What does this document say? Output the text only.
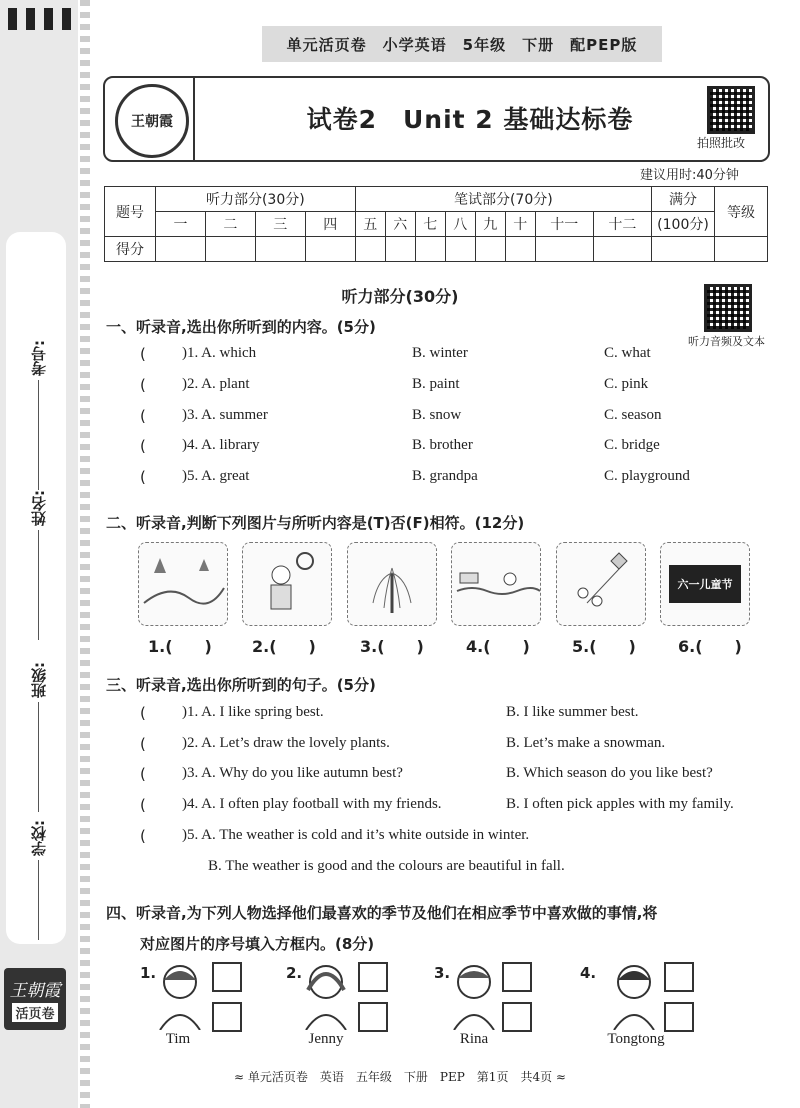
考号:
姓名:
班级:
学校:
王朝霞
活页卷
单元活页卷　小学英语　5年级　下册　配PEP版
王朝霞	试卷2　Unit 2 基础达标卷
拍照批改
建议用时:40分钟
题号	听力部分(30分)				笔试部分(70分)								满分	等级
	一	二	三	四	五	六	七	八	九	十	十一	十二	(100分)	
得分														
听力部分(30分)
听力音频及文本
一、听录音,选出你所听到的内容。(5分)
( )1. A. which	B. winter	C. what
( )2. A. plant	B. paint	C. pink
( )3. A. summer	B. snow	C. season
( )4. A. library	B. brother	C. bridge
( )5. A. great	B. grandpa	C. playground
二、听录音,判断下列图片与所听内容是(T)否(F)相符。(12分)
六一儿童节
1.(　　)	2.(　　)	3.(　　)	4.(　　)	5.(　　)	6.(　　)
三、听录音,选出你所听到的句子。(5分)
( )1. A. I like spring best.	B. I like summer best.
( )2. A. Let’s draw the lovely plants.	B. Let’s make a snowman.
( )3. A. Why do you like autumn best?	B. Which season do you like best?
( )4. A. I often play football with my friends.	B. I often pick apples with my family.
( )5. A. The weather is cold and it’s white outside in winter.
B. The weather is good and the colours are beautiful in fall.
四、听录音,为下列人物选择他们最喜欢的季节及他们在相应季节中喜欢做的事情,将
对应图片的序号填入方框内。(8分)
1.
Tim
2.
Jenny
3.
Rina
4.
Tongtong
≈ 单元活页卷　英语　五年级　下册　PEP　第1页　共4页 ≈
